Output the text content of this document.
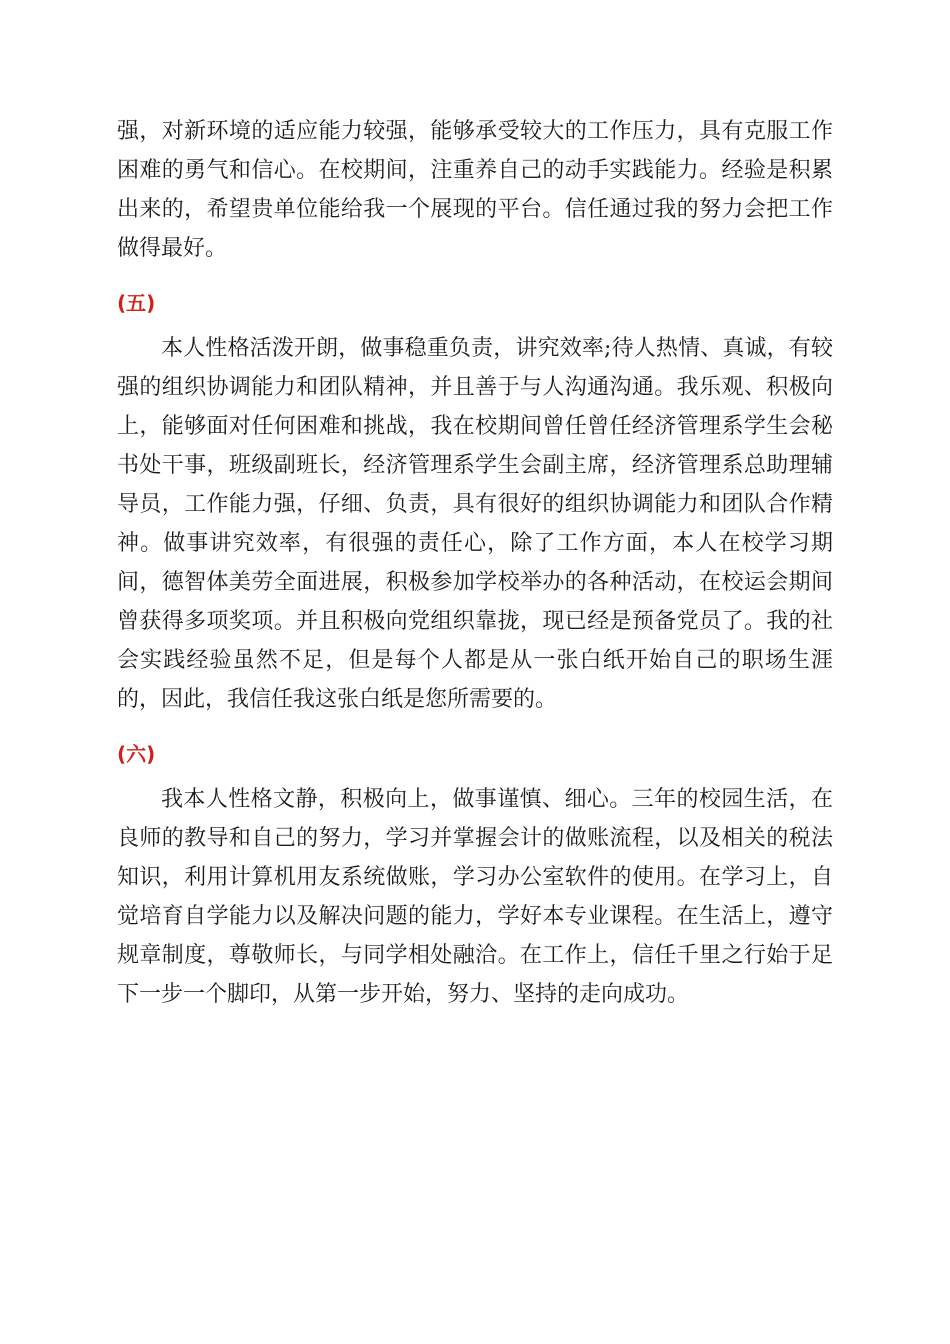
强，对新环境的适应能力较强，能够承受较大的工作压力，具有克服工作困难的勇气和信心。在校期间，注重养自己的动手实践能力。经验是积累出来的，希望贵单位能给我一个展现的平台。信任通过我的努力会把工作做得最好。

(五)

本人性格活泼开朗，做事稳重负责，讲究效率;待人热情、真诚，有较强的组织协调能力和团队精神，并且善于与人沟通沟通。我乐观、积极向上，能够面对任何困难和挑战，我在校期间曾任曾任经济管理系学生会秘书处干事，班级副班长，经济管理系学生会副主席，经济管理系总助理辅导员，工作能力强，仔细、负责，具有很好的组织协调能力和团队合作精神。做事讲究效率，有很强的责任心，除了工作方面，本人在校学习期间，德智体美劳全面进展，积极参加学校举办的各种活动，在校运会期间曾获得多项奖项。并且积极向党组织靠拢，现已经是预备党员了。我的社会实践经验虽然不足，但是每个人都是从一张白纸开始自己的职场生涯的，因此，我信任我这张白纸是您所需要的。

(六)

我本人性格文静，积极向上，做事谨慎、细心。三年的校园生活，在良师的教导和自己的努力，学习并掌握会计的做账流程，以及相关的税法知识，利用计算机用友系统做账，学习办公室软件的使用。在学习上，自觉培育自学能力以及解决问题的能力，学好本专业课程。在生活上，遵守规章制度，尊敬师长，与同学相处融洽。在工作上，信任千里之行始于足下一步一个脚印，从第一步开始，努力、坚持的走向成功。
